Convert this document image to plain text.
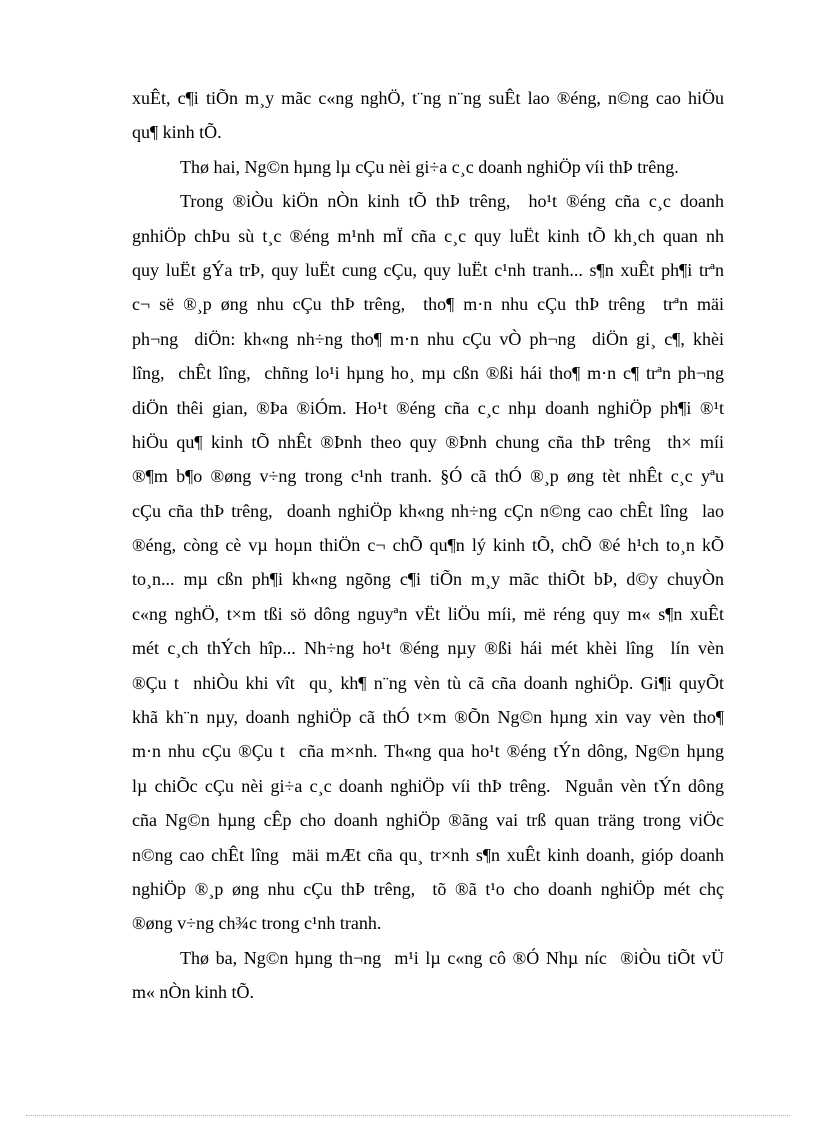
xuÊt, c¶i tiÕn m¸y mãc c«ng nghÖ, t¨ng n¨ng suÊt lao ®éng, n©ng cao hiÖu
qu¶ kinh tÕ.
Thø hai, Ng©n hµng lµ cÇu nèi gi÷a c¸c doanh nghiÖp víi thÞ trêng.
Trong ®iÒu kiÖn nÒn kinh tÕ thÞ trêng,  ho¹t ®éng cña c¸c doanh
gnhiÖp chÞu sù t¸c ®éng m¹nh mÏ cña c¸c quy luËt kinh tÕ kh¸ch quan nh
quy luËt gÝa trÞ, quy luËt cung cÇu, quy luËt c¹nh tranh... s¶n xuÊt ph¶i trªn
c¬ së ®¸p øng nhu cÇu thÞ trêng,  tho¶ m·n nhu cÇu thÞ trêng  trªn mäi
ph¬ng  diÖn: kh«ng nh÷ng tho¶ m·n nhu cÇu vÒ ph¬ng  diÖn gi¸ c¶, khèi
lîng,  chÊt lîng,  chñng lo¹i hµng ho¸ mµ cßn ®ßi hái tho¶ m·n c¶ trªn ph¬ng
diÖn thêi gian, ®Þa ®iÓm. Ho¹t ®éng cña c¸c nhµ doanh nghiÖp ph¶i ®¹t
hiÖu qu¶ kinh tÕ nhÊt ®Þnh theo quy ®Þnh chung cña thÞ trêng  th× míi
®¶m b¶o ®øng v÷ng trong c¹nh tranh. §Ó cã thÓ ®¸p øng tèt nhÊt c¸c yªu
cÇu cña thÞ trêng,  doanh nghiÖp kh«ng nh÷ng cÇn n©ng cao chÊt lîng  lao
®éng, còng cè vµ hoµn thiÖn c¬ chÕ qu¶n lý kinh tÕ, chÕ ®é h¹ch to¸n kÕ
to¸n... mµ cßn ph¶i kh«ng ngõng c¶i tiÕn m¸y mãc thiÕt bÞ, d©y chuyÒn
c«ng nghÖ, t×m tßi sö dông nguyªn vËt liÖu míi, më réng quy m« s¶n xuÊt
mét c¸ch thÝch hîp... Nh÷ng ho¹t ®éng nµy ®ßi hái mét khèi lîng  lín vèn
®Çu t  nhiÒu khi vît  qu¸ kh¶ n¨ng vèn tù cã cña doanh nghiÖp. Gi¶i quyÕt
khã kh¨n nµy, doanh nghiÖp cã thÓ t×m ®Õn Ng©n hµng xin vay vèn tho¶
m·n nhu cÇu ®Çu t  cña m×nh. Th«ng qua ho¹t ®éng tÝn dông, Ng©n hµng
lµ chiÕc cÇu nèi gi÷a c¸c doanh nghiÖp víi thÞ trêng.  Nguån vèn tÝn dông
cña Ng©n hµng cÊp cho doanh nghiÖp ®ãng vai trß quan träng trong viÖc
n©ng cao chÊt lîng  mäi mÆt cña qu¸ tr×nh s¶n xuÊt kinh doanh, gióp doanh
nghiÖp ®¸p øng nhu cÇu thÞ trêng,  tõ ®ã t¹o cho doanh nghiÖp mét chç
®øng v÷ng ch¾c trong c¹nh tranh.
Thø ba, Ng©n hµng th¬ng  m¹i lµ c«ng cô ®Ó Nhµ níc  ®iÒu tiÕt vÜ
m« nÒn kinh tÕ.
